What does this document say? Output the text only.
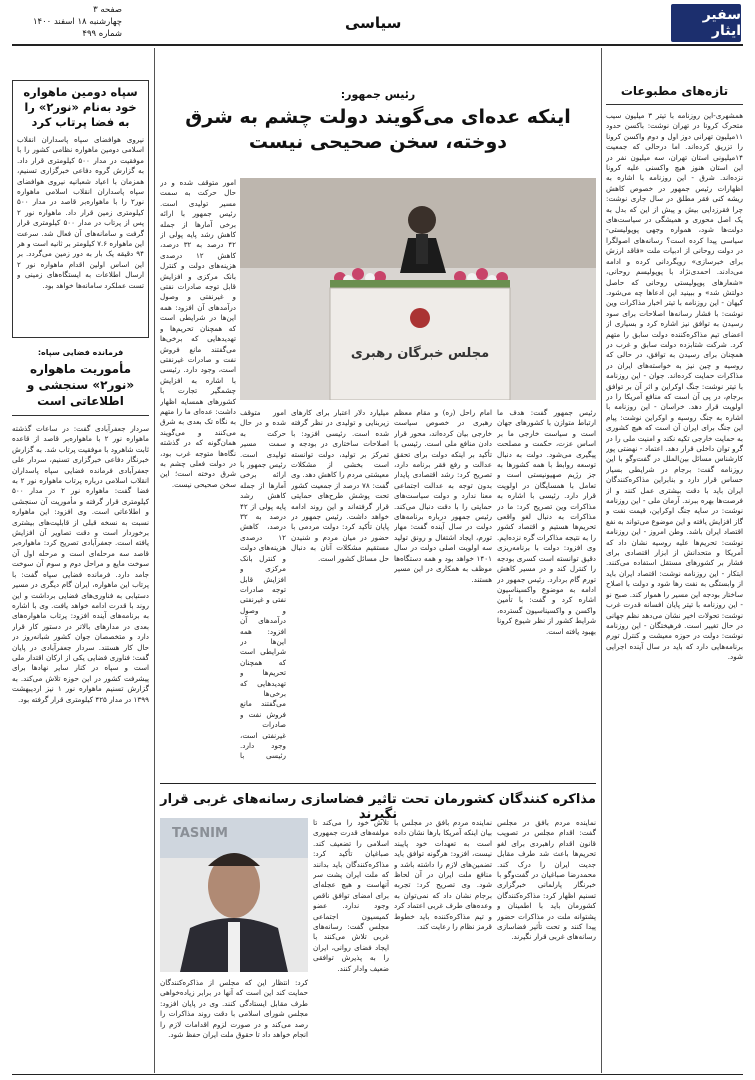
سفیر ایثار
سیاسی
صفحه ۳
چهارشنبه ۱۸ اسفند ۱۴۰۰
شماره ۴۹۹
تازه‌های مطبوعات
همشهری-این روزنامه با تیتر ۳ میلیون سیب متحرک کرونا در تهران نوشت: باکسن حدود ۱۱میلیون تهرانی دوز اول و دوم واکسن کرونا را تزریق کرده‌اند. اما درحالی که جمعیت ۱۴میلیونی استان تهران، سه میلیون نفر در این استان هنوز هیچ واکسنی علیه کرونا نزده‌اند. شرق - این روزنامه با اشاره به اظهارات رئیس جمهور در خصوص کاهش ریشه کنی فقر مطلق در سال جاری نوشت: چرا فقرزدایی بیش و پیش از این که بدل به یک اصل محوری و همیشگی در سیاست‌های دولت‌ها شود، همواره وجهی پوپولیستی-سیاسی پیدا کرده است؟ رسانه‌های اصولگرا در دولت روحانی از ادبیات ملت «فاقد ارزش برای خبرسازی» رویگردانی کرده و ادامه می‌دادند. احمدی‌نژاد با پوپولیسم روحانی، «شعارهای پوپولیستی روحانی که حاصل دولتش شد» و ببینید این ادعاها چه می‌شود. کیهان - این روزنامه با تیتر اخبار مذاکرات وین نوشت: با فشار رسانه‌ها اصلاحات برای سود رسیدن به توافق نیز اشاره کرد و بسیاری از اعضای تیم مذاکره‌کننده دولت سابق را متهم کرد. شرکت شتابزده دولت سابق و غرب در همچنان برای رسیدن به توافق، در حالی که روسیه و چین نیز به خواسته‌های ایران در مذاکرات حمایت کرده‌اند. جوان - این روزنامه با تیتر نوشت: جنگ اوکراین و اثر آن بر توافق برجام، در پی آن است که منافع آمریکا را در اولویت قرار دهد. خراسان - این روزنامه با اشاره به جنگ روسیه و اوکراین نوشت: پیام این جنگ برای ایران آن است که هیچ کشوری به حمایت خارجی تکیه نکند و امنیت ملی را در گرو توان داخلی قرار دهد. اعتماد - نهضتی پور کارشناس مسائل بین‌الملل در گفت‌وگو با این روزنامه گفت: برجام در شرایطی بسیار حساس قرار دارد و بنابراین مذاکره‌کنندگان ایران باید با دقت بیشتری عمل کنند و از فرصت‌ها بهره ببرند. آرمان ملی - این روزنامه نوشت: در سایه جنگ اوکراین، قیمت نفت و گاز افزایش یافته و این موضوع می‌تواند به نفع اقتصاد ایران باشد. وطن امروز - این روزنامه نوشت: تحریم‌ها علیه روسیه نشان داد که آمریکا و متحدانش از ابزار اقتصادی برای فشار بر کشورهای مستقل استفاده می‌کنند. ابتکار - این روزنامه نوشت: اقتصاد ایران باید از وابستگی به نفت رها شود و دولت با اصلاح ساختار بودجه این مسیر را هموار کند. صبح نو - این روزنامه با تیتر پایان افسانه قدرت غرب نوشت: تحولات اخیر نشان می‌دهد نظم جهانی در حال تغییر است. فرهیختگان - این روزنامه نوشت: دولت در حوزه معیشت و کنترل تورم برنامه‌هایی دارد که باید در سال آینده اجرایی شود.
سپاه دومین ماهواره خود به‌نام «نور۲» را به فضا پرتاب کرد
نیروی هوافضای سپاه پاسداران انقلاب اسلامی دومین ماهواره نظامی کشور را با موفقیت در مدار ۵۰۰ کیلومتری قرار داد. به گزارش گروه دفاعی خبرگزاری تسنیم، همزمان با اعیاد شعبانیه نیروی هوافضای سپاه پاسداران انقلاب اسلامی ماهواره نور۲ را با ماهواره‌بر قاصد در مدار ۵۰۰ کیلومتری زمین قرار داد. ماهواره نور ۲ پس از پرتاب در مدار ۵۰۰ کیلومتری قرار گرفت و سامانه‌های آن فعال شد. سرعت این ماهواره ۷.۶ کیلومتر بر ثانیه است و هر ۹۴ دقیقه یک بار به دور زمین می‌گردد. بر این اساس اولین اقدام ماهواره نور ۲ ارسال اطلاعات به ایستگاه‌های زمینی و تست عملکرد سامانه‌ها خواهد بود.
فرمانده فضایی سپاه:
مأموریت ماهواره «نور۲» سنجشی و اطلاعاتی است
سردار جعفرآبادی گفت: در ساعات گذشته ماهواره نور ۲ با ماهواره‌بر قاصد از قاعده ثابت شاهرود با موفقیت پرتاب شد. به گزارش خبرنگار دفاعی خبرگزاری تسنیم، سردار علی جعفرآبادی فرمانده فضایی سپاه پاسداران انقلاب اسلامی درباره پرتاب ماهواره نور ۲ به فضا گفت: ماهواره نور ۲ در مدار ۵۰۰ کیلومتری قرار گرفته و مأموریت آن سنجشی و اطلاعاتی است. وی افزود: این ماهواره نسبت به نسخه قبلی از قابلیت‌های بیشتری برخوردار است و دقت تصاویر آن افزایش یافته است. جعفرآبادی تصریح کرد: ماهواره‌بر قاصد سه مرحله‌ای است و مرحله اول آن سوخت مایع و مراحل دوم و سوم آن سوخت جامد دارد. فرمانده فضایی سپاه گفت: با پرتاب این ماهواره، ایران گام دیگری در مسیر دستیابی به فناوری‌های فضایی برداشت و این روند با قدرت ادامه خواهد یافت. وی با اشاره به برنامه‌های آینده افزود: پرتاب ماهواره‌های بعدی در مدارهای بالاتر در دستور کار قرار دارد و متخصصان جوان کشور شبانه‌روز در حال کار هستند. سردار جعفرآبادی در پایان گفت: فناوری فضایی یکی از ارکان اقتدار ملی است و سپاه در کنار سایر نهادها برای پیشرفت کشور در این حوزه تلاش می‌کند. به گزارش تسنیم ماهواره نور ۱ نیز اردیبهشت ۱۳۹۹ در مدار ۴۲۵ کیلومتری قرار گرفته بود.
رئیس جمهور:
اینکه عده‌ای می‌گویند دولت چشم به شرق دوخته، سخن صحیحی نیست
مجلس خبرگان رهبری
امور متوقف شده و در حال حرکت به سمت مسیر تولیدی است. رئیس جمهور با ارائه برخی آمارها از جمله کاهش رشد پایه پولی از ۴۲ درصد به ۳۲ درصد، کاهش ۱۲ درصدی هزینه‌های دولت و کنترل بانک مرکزی و افزایش قابل توجه صادرات نفتی و غیرنفتی و وصول درآمدهای آن افزود: همه این‌ها در شرایطی است که همچنان تحریم‌ها و تهدیدهایی که برخی‌ها می‌گفتند مانع فروش نفت و صادرات غیرنفتی است، وجود دارد. رئیسی با اشاره به افزایش چشمگیر تجارت با کشورهای همسایه اظهار داشت: عده‌ای ما را متهم به نگاه تک بعدی به شرق می‌کنند و می‌گویند همان‌گونه که در گذشته نگاه‌ها متوجه غرب بود، در دولت فعلی چشم به شرق دوخته است؛ این سخن صحیحی نیست.
رئیس جمهور گفت: هدف ما ارتباط متوازن با کشورهای جهان است و سیاست خارجی ما بر اساس عزت، حکمت و مصلحت پیگیری می‌شود. دولت به دنبال توسعه روابط با همه کشورها به جز رژیم صهیونیستی است و تعامل با همسایگان در اولویت قرار دارد. رئیسی با اشاره به مذاکرات وین تصریح کرد: ما در مذاکرات به دنبال لغو واقعی تحریم‌ها هستیم و اقتصاد کشور را به نتیجه مذاکرات گره نزده‌ایم. وی افزود: دولت با برنامه‌ریزی دقیق توانسته است کسری بودجه را کنترل کند و در مسیر کاهش تورم گام بردارد. رئیس جمهور در ادامه به موضوع واکسیناسیون اشاره کرد و گفت: با تأمین واکسن و واکسیناسیون گسترده، شرایط کشور از نظر شیوع کرونا بهبود یافته است.
امام راحل (ره) و مقام معظم رهبری در خصوص سیاست خارجی بیان کرده‌اند، محور قرار دادن منافع ملی است. رئیسی با تأکید بر اینکه دولت برای تحقق عدالت و رفع فقر برنامه دارد، تصریح کرد: رشد اقتصادی پایدار بدون توجه به عدالت اجتماعی معنا ندارد و دولت سیاست‌های حمایتی را با دقت دنبال می‌کند. رئیس جمهور درباره برنامه‌های دولت در سال آینده گفت: مهار تورم، ایجاد اشتغال و رونق تولید سه اولویت اصلی دولت در سال ۱۴۰۱ خواهد بود و همه دستگاه‌ها موظف به همکاری در این مسیر هستند.
میلیارد دلار اعتبار برای کارهای زیربنایی و تولیدی در نظر گرفته شده است. رئیسی افزود: با اصلاحات ساختاری در بودجه و تمرکز بر تولید، دولت توانسته است بخشی از مشکلات معیشتی مردم را کاهش دهد. وی گفت: ۷۸ درصد از جمعیت کشور تحت پوشش طرح‌های حمایتی قرار گرفته‌اند و این روند ادامه خواهد داشت. رئیس جمهور در پایان تأکید کرد: دولت مردمی با حضور در میان مردم و شنیدن مستقیم مشکلات آنان به دنبال حل مسائل کشور است.
امور متوقف شده و در حال حرکت به سمت مسیر تولیدی است. رئیس جمهور با ارائه برخی آمارها از جمله کاهش رشد پایه پولی از ۴۲ درصد به ۳۲ درصد، کاهش ۱۲ درصدی هزینه‌های دولت و کنترل بانک مرکزی و افزایش قابل توجه صادرات نفتی و غیرنفتی و وصول درآمدهای آن افزود: همه این‌ها در شرایطی است که همچنان تحریم‌ها و تهدیدهایی که برخی‌ها می‌گفتند مانع فروش نفت و صادرات غیرنفتی است، وجود دارد. رئیسی با
مذاکره کنندگان کشورمان تحت تاثیر فضاسازی رسانه‌های غربی قرار نگیرند
TASNIM
نماینده مردم بافق در مجلس گفت: اقدام مجلس در تصویب قانون اقدام راهبردی برای لغو تحریم‌ها باعث شد طرف مقابل جدیت ایران را درک کند. محمدرضا صباغیان در گفت‌وگو با خبرنگار پارلمانی خبرگزاری تسنیم اظهار کرد: مذاکره‌کنندگان کشورمان باید با اطمینان و پشتوانه ملت در مذاکرات حضور پیدا کنند و تحت تأثیر فضاسازی رسانه‌های غربی قرار نگیرند.
نماینده مردم بافق در مجلس با بیان اینکه آمریکا بارها نشان داده است به تعهدات خود پایبند نیست، افزود: هرگونه توافق باید تضمین‌های لازم را داشته باشد و منافع ملت ایران در آن لحاظ شود. وی تصریح کرد: تجربه برجام نشان داد که نمی‌توان به وعده‌های طرف غربی اعتماد کرد و تیم مذاکره‌کننده باید خطوط قرمز نظام را رعایت کند.
تلاش خود را می‌کند تا مولفه‌های قدرت جمهوری اسلامی را تضعیف کند. صباغیان تأکید کرد: مذاکره‌کنندگان باید بدانند که ملت ایران پشت سر آنهاست و هیچ عجله‌ای برای امضای توافق ناقص وجود ندارد. عضو کمیسیون اجتماعی مجلس گفت: رسانه‌های غربی تلاش می‌کنند با ایجاد فضای روانی، ایران را به پذیرش توافقی ضعیف وادار کنند.
کرد: انتظار این که مجلس از مذاکره‌کنندگان حمایت کند این است که آنها در برابر زیاده‌خواهی طرف مقابل ایستادگی کنند. وی در پایان افزود: مجلس شورای اسلامی با دقت روند مذاکرات را رصد می‌کند و در صورت لزوم اقدامات لازم را انجام خواهد داد تا حقوق ملت ایران حفظ شود.
